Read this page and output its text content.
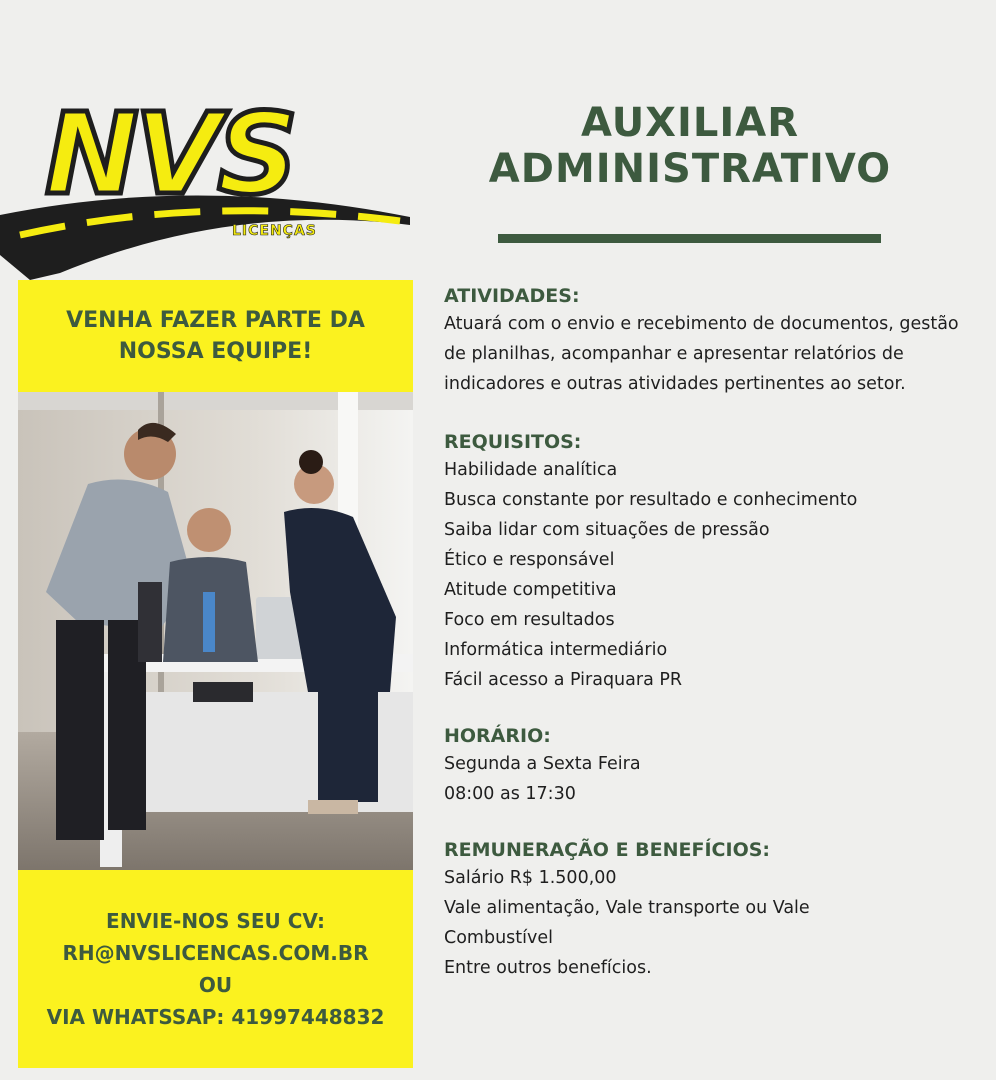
NVS
LICENÇAS
AUXILIAR
ADMINISTRATIVO
VENHA FAZER PARTE DA NOSSA EQUIPE!
ENVIE-NOS SEU CV:
RH@NVSLICENCAS.COM.BR
OU
VIA WHATSSAP: 41997448832
ATIVIDADES:

Atuará com o envio e recebimento de documentos, gestão de planilhas, acompanhar e apresentar relatórios de indicadores e outras atividades pertinentes ao setor.

REQUISITOS:
Habilidade analítica
Busca constante por resultado e conhecimento
Saiba lidar com situações de pressão
Ético e responsável
Atitude competitiva
Foco em resultados
Informática intermediário
Fácil acesso a Piraquara PR
HORÁRIO:

Segunda a Sexta Feira

08:00 as 17:30

REMUNERAÇÃO E BENEFÍCIOS:

Salário R$ 1.500,00

Vale alimentação, Vale transporte ou Vale Combustível

Entre outros benefícios.
